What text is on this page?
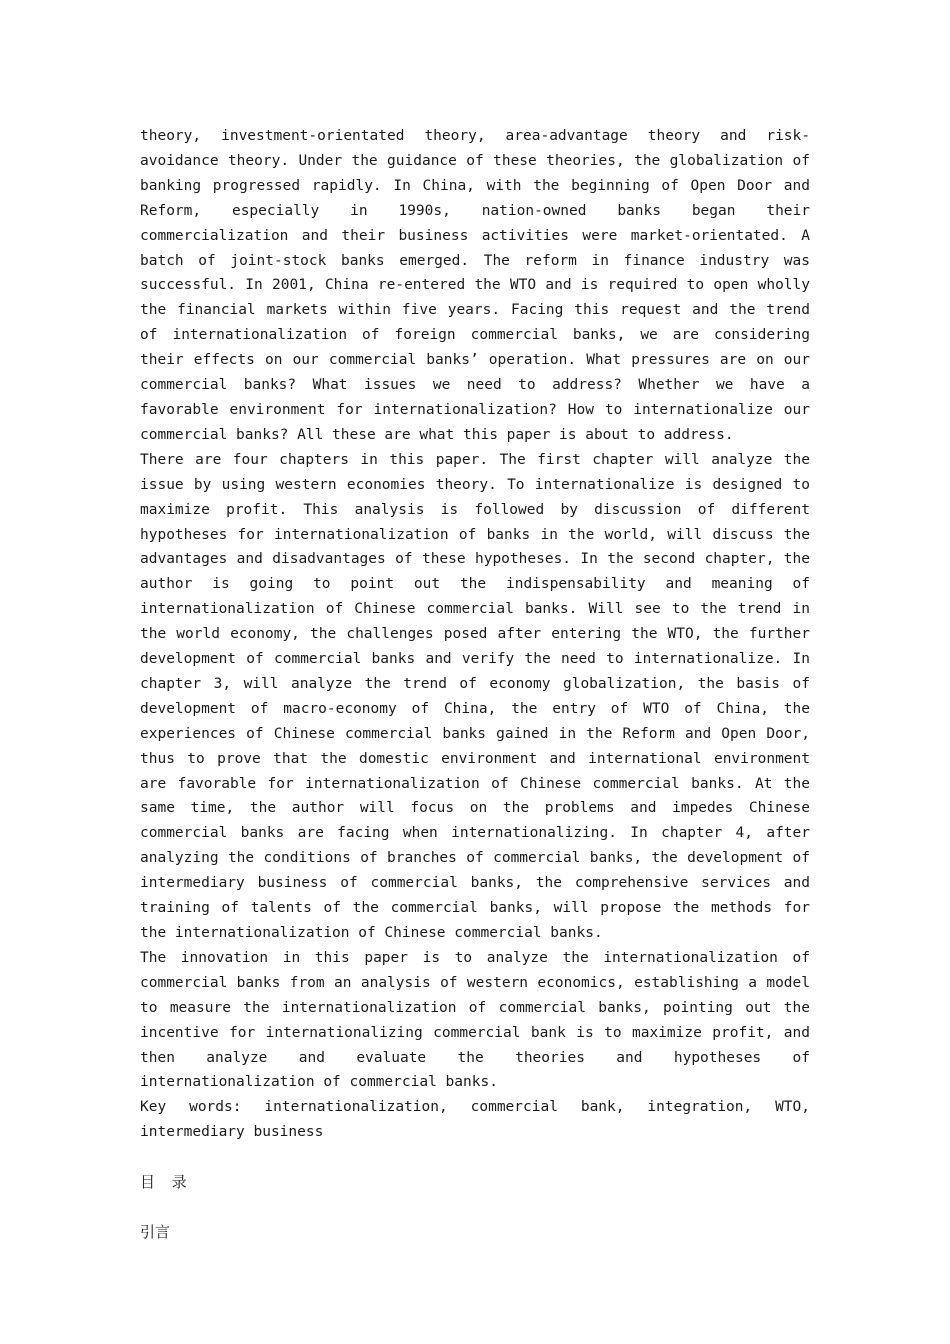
theory, investment-orientated theory, area-advantage theory and risk-avoidance theory. Under the guidance of these theories, the globalization of banking progressed rapidly. In China, with the beginning of Open Door and Reform, especially in 1990s, nation-owned banks began their commercialization and their business activities were market-orientated. A batch of joint-stock banks emerged. The reform in finance industry was successful. In 2001, China re-entered the WTO and is required to open wholly the financial markets within five years. Facing this request and the trend of internationalization of foreign commercial banks, we are considering their effects on our commercial banks’ operation. What pressures are on our commercial banks? What issues we need to address? Whether we have a favorable environment for internationalization? How to internationalize our commercial banks? All these are what this paper is about to address.

There are four chapters in this paper. The first chapter will analyze the issue by using western economies theory. To internationalize is designed to maximize profit. This analysis is followed by discussion of different hypotheses for internationalization of banks in the world, will discuss the advantages and disadvantages of these hypotheses. In the second chapter, the author is going to point out the indispensability and meaning of internationalization of Chinese commercial banks. Will see to the trend in the world economy, the challenges posed after entering the WTO, the further development of commercial banks and verify the need to internationalize. In chapter 3, will analyze the trend of economy globalization, the basis of development of macro-economy of China, the entry of WTO of China, the experiences of Chinese commercial banks gained in the Reform and Open Door, thus to prove that the domestic environment and international environment are favorable for internationalization of Chinese commercial banks. At the same time, the author will focus on the problems and impedes Chinese commercial banks are facing when internationalizing. In chapter 4, after analyzing the conditions of branches of commercial banks, the development of intermediary business of commercial banks, the comprehensive services and training of talents of the commercial banks, will propose the methods for the internationalization of Chinese commercial banks.

The innovation in this paper is to analyze the internationalization of commercial banks from an analysis of western economics, establishing a model to measure the internationalization of commercial banks, pointing out the incentive for internationalizing commercial bank is to maximize profit, and then analyze and evaluate the theories and hypotheses of internationalization of commercial banks.

Key words: internationalization, commercial bank, integration, WTO, intermediary business

目 录

引言
